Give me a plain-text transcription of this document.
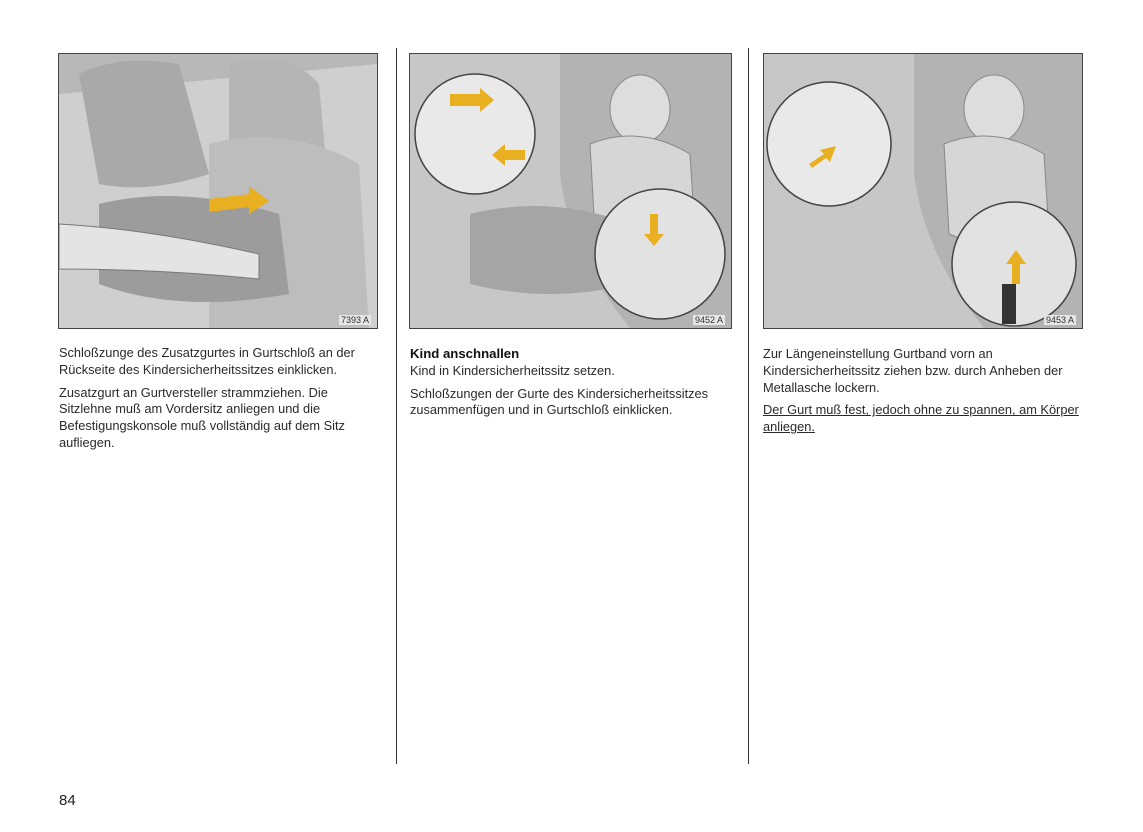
7393 A	9452 A	9453 A

Schloßzunge des Zusatzgurtes in Gurtschloß an der Rückseite des Kindersicherheitssitzes einklicken.

Zusatzgurt an Gurtversteller strammziehen. Die Sitzlehne muß am Vordersitz anliegen und die Befestigungskonsole muß vollständig auf dem Sitz aufliegen.

Kind anschnallen

Kind in Kindersicherheitssitz setzen.

Schloßzungen der Gurte des Kindersicherheitssitzes zusammenfügen und in Gurtschloß einklicken.

Zur Längeneinstellung Gurtband vorn an Kindersicherheitssitz ziehen bzw. durch Anheben der Metallasche lockern.

Der Gurt muß fest, jedoch ohne zu spannen, am Körper anliegen.

84
